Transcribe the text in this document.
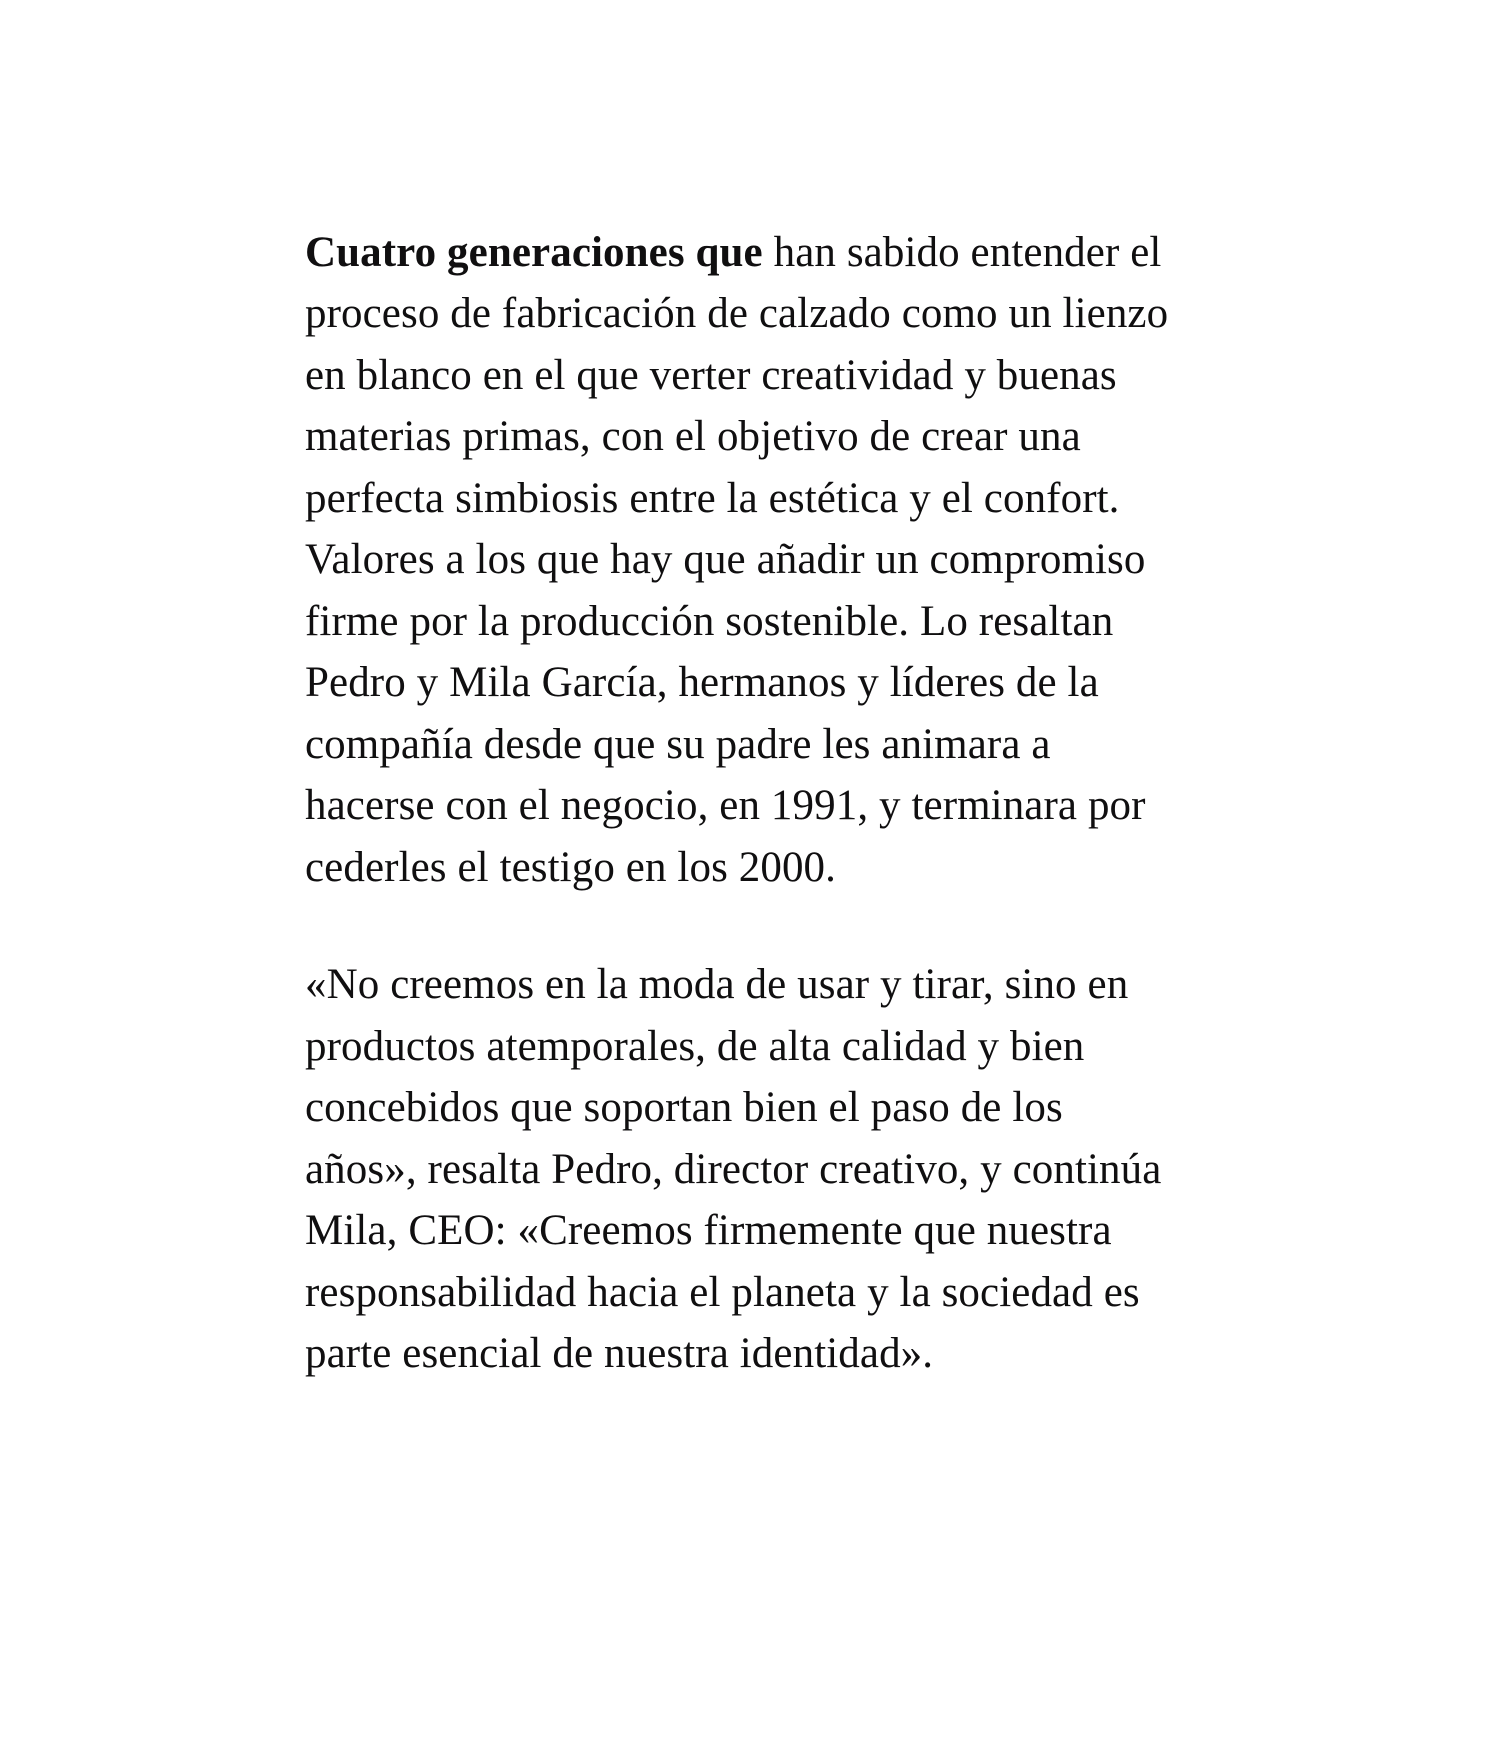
Cuatro generaciones que han sabido entender el proceso de fabricación de calzado como un lienzo en blanco en el que verter creatividad y buenas materias primas, con el objetivo de crear una perfecta simbiosis entre la estética y el confort. Valores a los que hay que añadir un compromiso firme por la producción sostenible. Lo resaltan Pedro y Mila García, hermanos y líderes de la compañía desde que su padre les animara a hacerse con el negocio, en 1991, y terminara por cederles el testigo en los 2000.

«No creemos en la moda de usar y tirar, sino en productos atemporales, de alta calidad y bien concebidos que soportan bien el paso de los años», resalta Pedro, director creativo, y continúa Mila, CEO: «Creemos firmemente que nuestra responsabilidad hacia el planeta y la sociedad es parte esencial de nuestra identidad».
